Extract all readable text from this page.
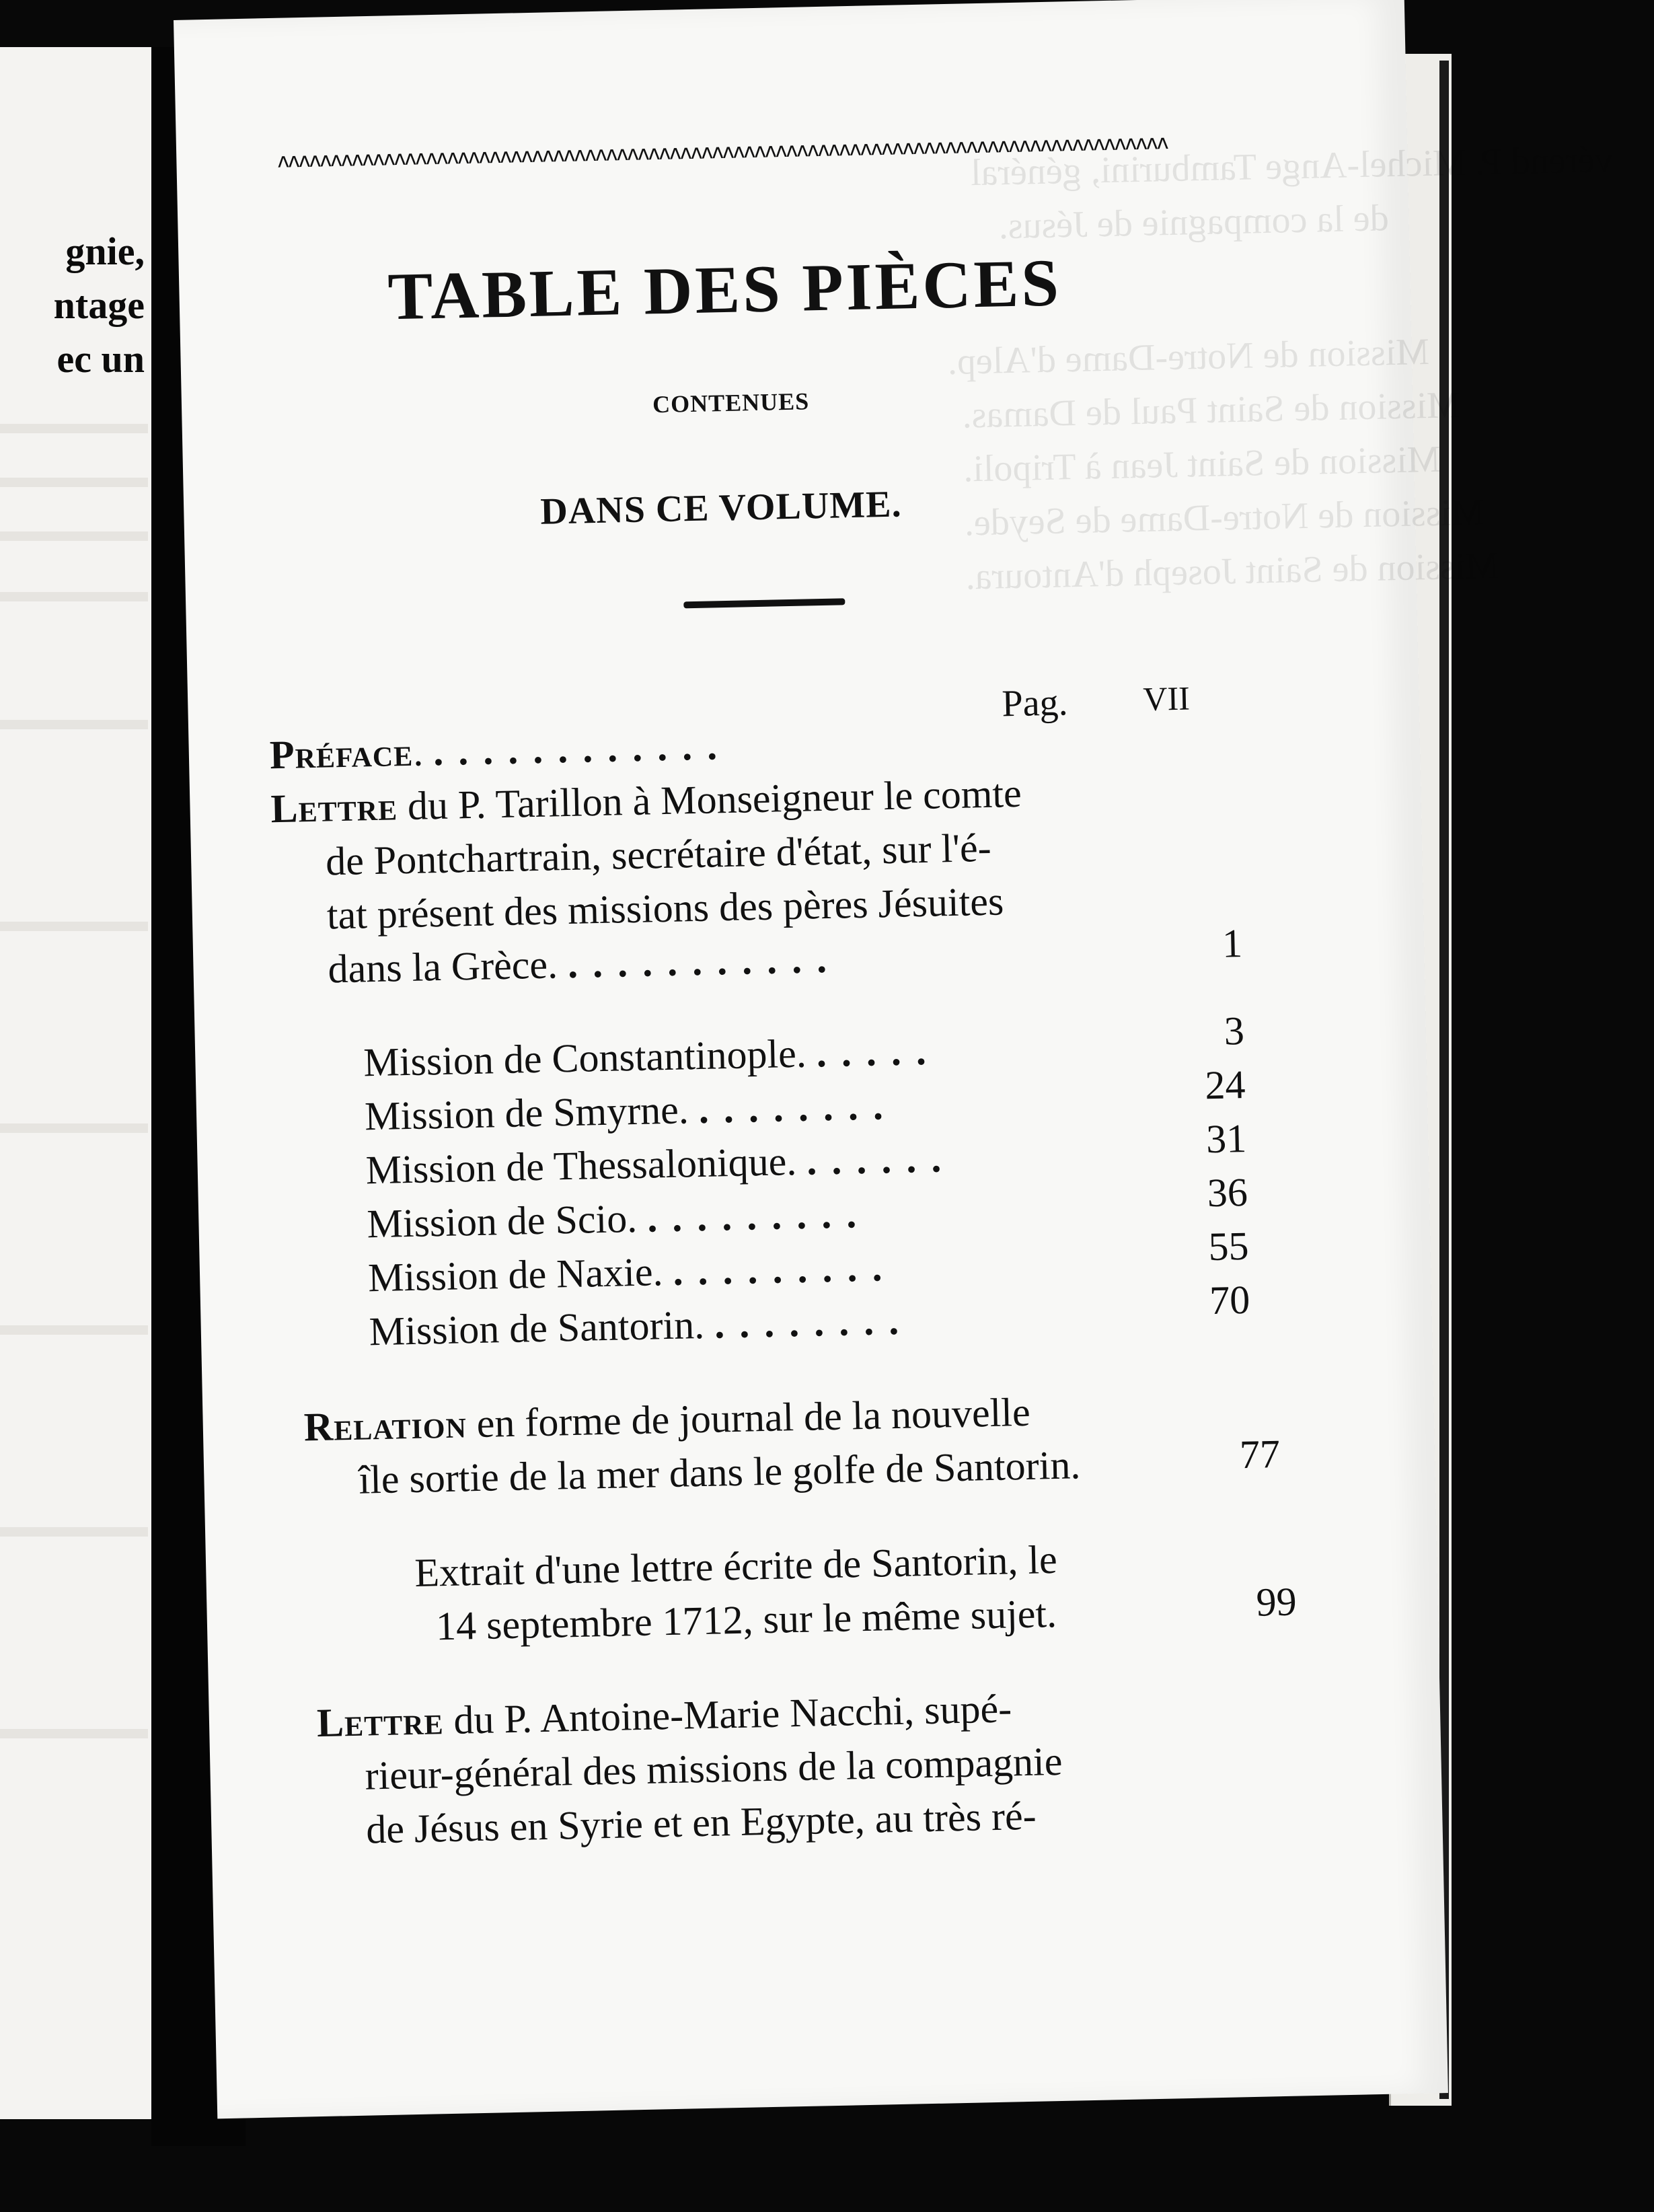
gnie,
ntage
ec un
vérend P. Michel-Ange Tamburini, général
de la compagnie de Jésus.
Mission de Notre-Dame d'Alep.
Mission de Saint Paul de Damas.
Mission de Saint Jean à Tripoli.
Mission de Notre-Dame de Seyde.
Mission de Saint Joseph d'Antoura.
ʌʌʌʌʌʌʌʌʌʌʌʌʌʌʌʌʌʌʌʌʌʌʌʌʌʌʌʌʌʌʌʌʌʌʌʌʌʌʌʌʌʌʌʌʌʌʌʌʌʌʌʌʌʌʌʌʌʌʌʌʌʌʌʌʌʌʌʌʌʌʌʌʌʌʌʌʌʌʌʌʌʌʌʌ
TABLE DES PIÈCES
CONTENUES
DANS CE VOLUME.
Pag. VII
Préface. ............
Lettre du P. Tarillon à Monseigneur le comte
de Pontchartrain, secrétaire d'état, sur l'é-
tat présent des missions des pères Jésuites
dans la Grèce. ...........	1
Mission de Constantinople. .....	3
Mission de Smyrne. ........	24
Mission de Thessalonique. ......	31
Mission de Scio. .........	36
Mission de Naxie. .........	55
Mission de Santorin. ........	70
Relation en forme de journal de la nouvelle
île sortie de la mer dans le golfe de Santorin.	77
Extrait d'une lettre écrite de Santorin, le
14 septembre 1712, sur le même sujet.	99
Lettre du P. Antoine-Marie Nacchi, supé-
rieur-général des missions de la compagnie
de Jésus en Syrie et en Egypte, au très ré-
